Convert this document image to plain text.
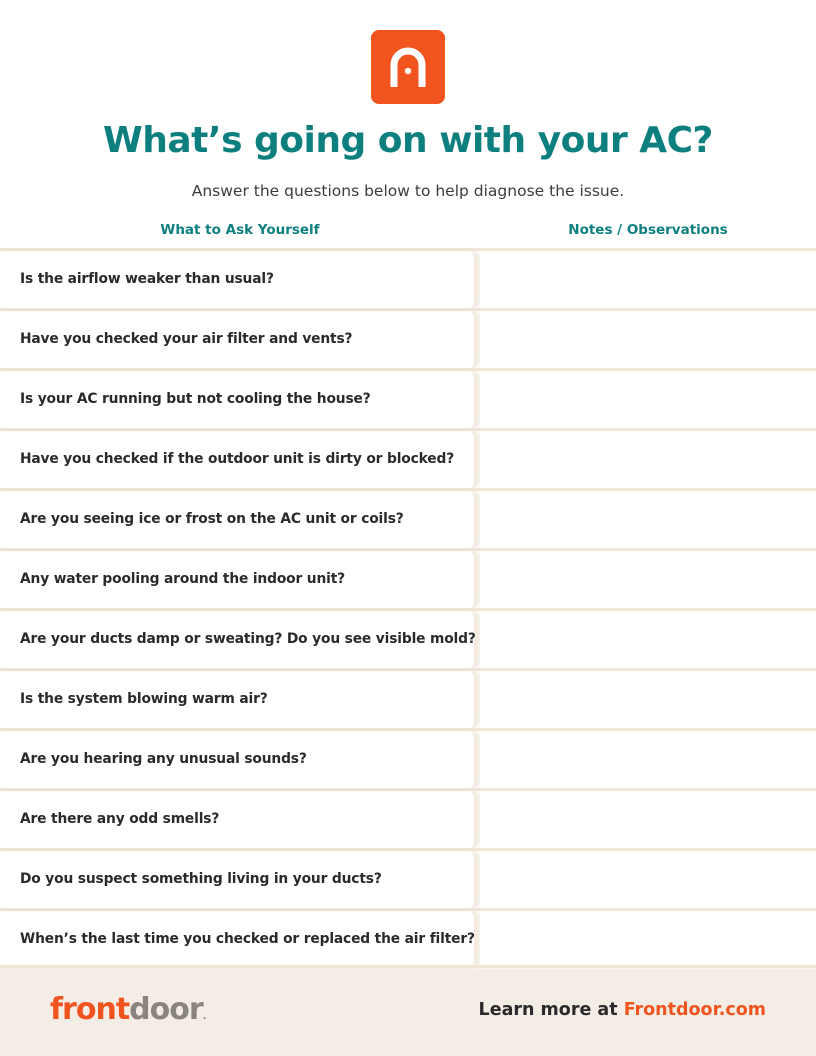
What’s going on with your AC?

Answer the questions below to help diagnose the issue.

What to Ask Yourself	Notes / Observations
Is the airflow weaker than usual?
Have you checked your air filter and vents?
Is your AC running but not cooling the house?
Have you checked if the outdoor unit is dirty or blocked?
Are you seeing ice or frost on the AC unit or coils?
Any water pooling around the indoor unit?
Are your ducts damp or sweating? Do you see visible mold?
Is the system blowing warm air?
Are you hearing any unusual sounds?
Are there any odd smells?
Do you suspect something living in your ducts?
When’s the last time you checked or replaced the air filter?
frontdoor.	Learn more at Frontdoor.com
